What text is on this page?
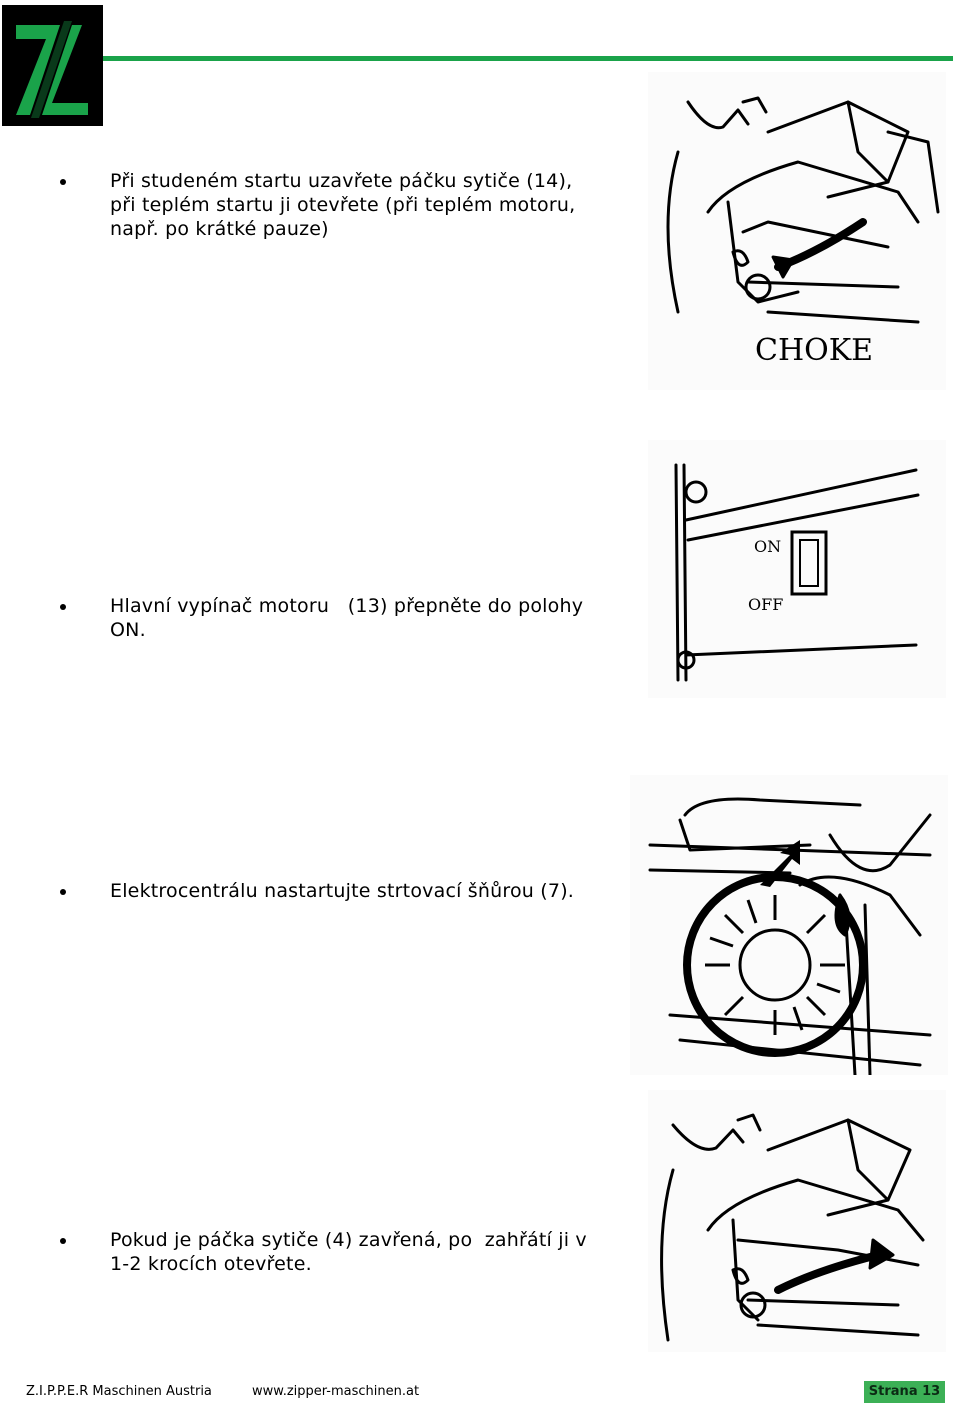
Při studeném startu uzavřete páčku sytiče (14),
při teplém startu ji otevřete (při teplém motoru,
např. po krátké pauze)
CHOKE
Hlavní vypínač motoru   (13) přepněte do polohy
ON.
ON
OFF
Elektrocentrálu nastartujte strtovací šňůrou (7).
Pokud je páčka sytiče (4) zavřená, po  zahřátí ji v
1-2 krocích otevřete.
Z.I.P.P.E.R Maschinen Austria	www.zipper-maschinen.at	Strana 13
